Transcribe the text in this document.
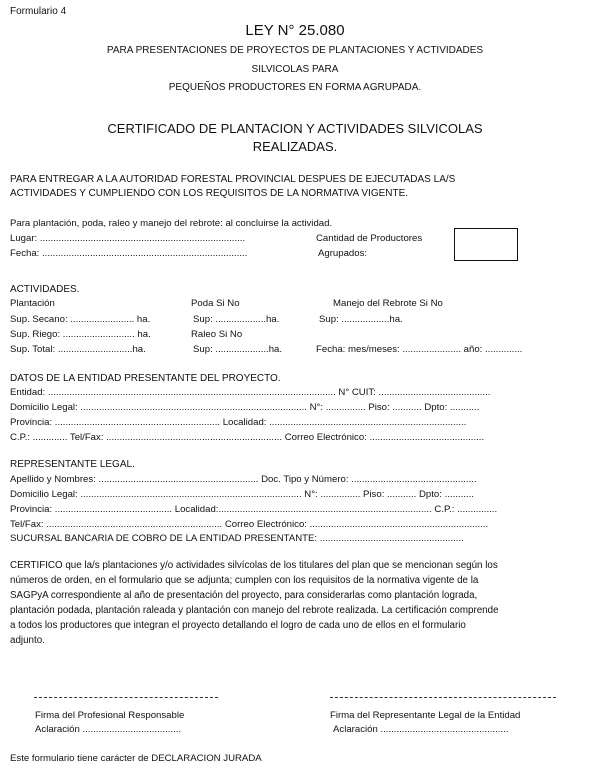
Formulario 4
LEY N° 25.080
PARA PRESENTACIONES DE PROYECTOS DE PLANTACIONES Y ACTIVIDADES
SILVICOLAS PARA
PEQUEÑOS PRODUCTORES EN FORMA AGRUPADA.
CERTIFICADO DE PLANTACION Y ACTIVIDADES SILVICOLAS
REALIZADAS.
PARA ENTREGAR A LA AUTORIDAD FORESTAL PROVINCIAL DESPUES DE EJECUTADAS LA/S
ACTIVIDADES Y CUMPLIENDO CON LOS REQUISITOS DE LA NORMATIVA VIGENTE.
Para plantación, poda, raleo y manejo del rebrote: al concluirse la actividad.
Lugar: .............................................................................
Fecha: .............................................................................
Cantidad de Productores
Agrupados:
ACTIVIDADES.
Plantación	Poda Si No	Manejo del Rebrote Si No
Sup. Secano: ........................ ha.	Sup: ...................ha.	Sup: ..................ha.
Sup. Riego: ........................... ha.	Raleo Si No
Sup. Total: ............................ha.	Sup: ....................ha.	Fecha: mes/meses: ...................... año: ..............
DATOS DE LA ENTIDAD PRESENTANTE DEL PROYECTO.
Entidad: ............................................................................................................ N° CUIT: ..........................................
Domicilio Legal: ..................................................................................... N°: ............... Piso: ........... Dpto: ...........
Provincia: .............................................................. Localidad: ..........................................................................
C.P.: ............. Tel/Fax: .................................................................. Correo Electrónico: ...........................................
REPRESENTANTE LEGAL.
Apellido y Nombres: ............................................................ Doc. Tipo y Número: ...............................................
Domicilio Legal: ................................................................................... N°: ............... Piso: ........... Dpto: ...........
Provincia: ............................................ Localidad:................................................................................ C.P.: ...............
Tel/Fax: .................................................................. Correo Electrónico: ...................................................................
SUCURSAL BANCARIA DE COBRO DE LA ENTIDAD PRESENTANTE: ......................................................
CERTIFICO que la/s plantaciones y/o actividades silvícolas de los titulares del plan que se mencionan según los
números de orden, en el formulario que se adjunta; cumplen con los requisitos de la normativa vigente de la
SAGPyA correspondiente al año de presentación del proyecto, para considerarlas como plantación lograda,
plantación podada, plantación raleada y plantación con manejo del rebrote realizada. La certificación comprende
a todos los productores que integran el proyecto detallando el logro de cada uno de ellos en el formulario
adjunto.
Firma del Profesional Responsable
Aclaración .....................................
Firma del Representante Legal de la Entidad
Aclaración ................................................
Este formulario tiene carácter de DECLARACION JURADA
